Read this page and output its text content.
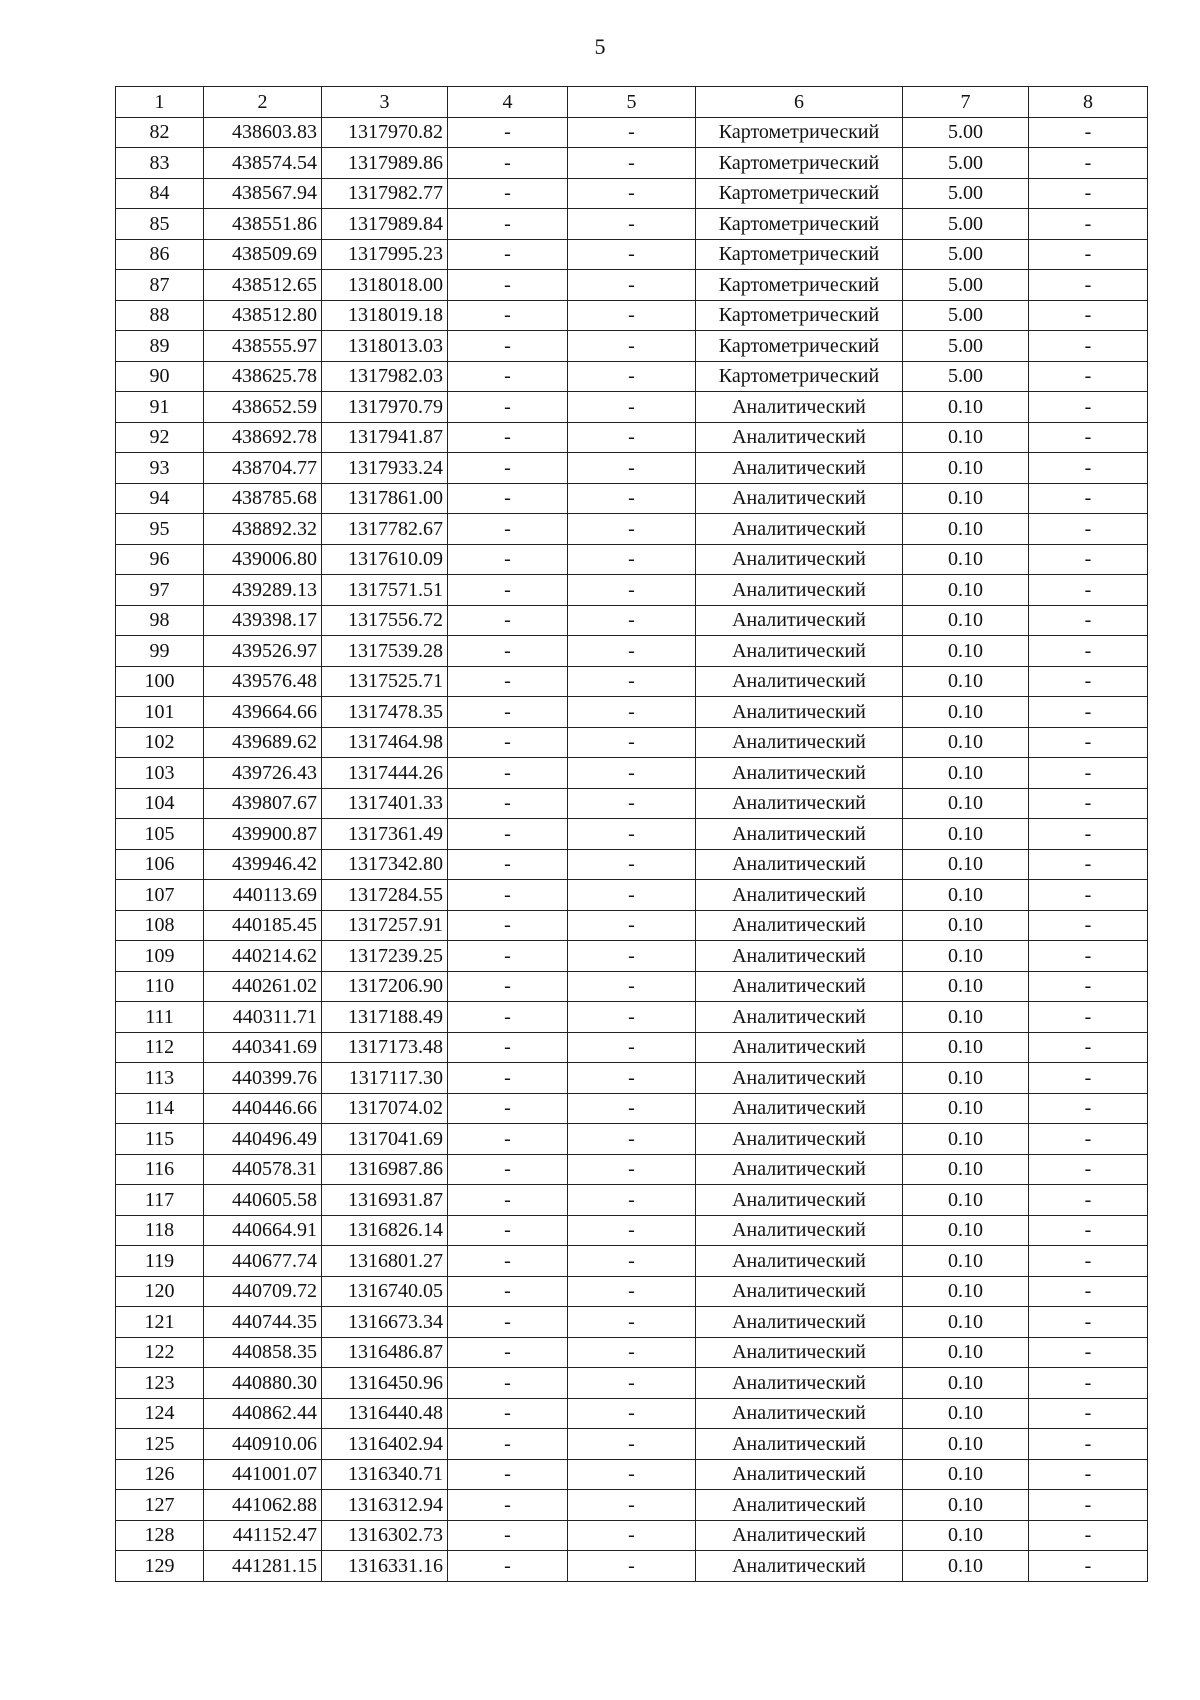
5
1	2	3	4	5	6	7	8
82	438603.83	1317970.82	-	-	Картометрический	5.00	-
83	438574.54	1317989.86	-	-	Картометрический	5.00	-
84	438567.94	1317982.77	-	-	Картометрический	5.00	-
85	438551.86	1317989.84	-	-	Картометрический	5.00	-
86	438509.69	1317995.23	-	-	Картометрический	5.00	-
87	438512.65	1318018.00	-	-	Картометрический	5.00	-
88	438512.80	1318019.18	-	-	Картометрический	5.00	-
89	438555.97	1318013.03	-	-	Картометрический	5.00	-
90	438625.78	1317982.03	-	-	Картометрический	5.00	-
91	438652.59	1317970.79	-	-	Аналитический	0.10	-
92	438692.78	1317941.87	-	-	Аналитический	0.10	-
93	438704.77	1317933.24	-	-	Аналитический	0.10	-
94	438785.68	1317861.00	-	-	Аналитический	0.10	-
95	438892.32	1317782.67	-	-	Аналитический	0.10	-
96	439006.80	1317610.09	-	-	Аналитический	0.10	-
97	439289.13	1317571.51	-	-	Аналитический	0.10	-
98	439398.17	1317556.72	-	-	Аналитический	0.10	-
99	439526.97	1317539.28	-	-	Аналитический	0.10	-
100	439576.48	1317525.71	-	-	Аналитический	0.10	-
101	439664.66	1317478.35	-	-	Аналитический	0.10	-
102	439689.62	1317464.98	-	-	Аналитический	0.10	-
103	439726.43	1317444.26	-	-	Аналитический	0.10	-
104	439807.67	1317401.33	-	-	Аналитический	0.10	-
105	439900.87	1317361.49	-	-	Аналитический	0.10	-
106	439946.42	1317342.80	-	-	Аналитический	0.10	-
107	440113.69	1317284.55	-	-	Аналитический	0.10	-
108	440185.45	1317257.91	-	-	Аналитический	0.10	-
109	440214.62	1317239.25	-	-	Аналитический	0.10	-
110	440261.02	1317206.90	-	-	Аналитический	0.10	-
111	440311.71	1317188.49	-	-	Аналитический	0.10	-
112	440341.69	1317173.48	-	-	Аналитический	0.10	-
113	440399.76	1317117.30	-	-	Аналитический	0.10	-
114	440446.66	1317074.02	-	-	Аналитический	0.10	-
115	440496.49	1317041.69	-	-	Аналитический	0.10	-
116	440578.31	1316987.86	-	-	Аналитический	0.10	-
117	440605.58	1316931.87	-	-	Аналитический	0.10	-
118	440664.91	1316826.14	-	-	Аналитический	0.10	-
119	440677.74	1316801.27	-	-	Аналитический	0.10	-
120	440709.72	1316740.05	-	-	Аналитический	0.10	-
121	440744.35	1316673.34	-	-	Аналитический	0.10	-
122	440858.35	1316486.87	-	-	Аналитический	0.10	-
123	440880.30	1316450.96	-	-	Аналитический	0.10	-
124	440862.44	1316440.48	-	-	Аналитический	0.10	-
125	440910.06	1316402.94	-	-	Аналитический	0.10	-
126	441001.07	1316340.71	-	-	Аналитический	0.10	-
127	441062.88	1316312.94	-	-	Аналитический	0.10	-
128	441152.47	1316302.73	-	-	Аналитический	0.10	-
129	441281.15	1316331.16	-	-	Аналитический	0.10	-
